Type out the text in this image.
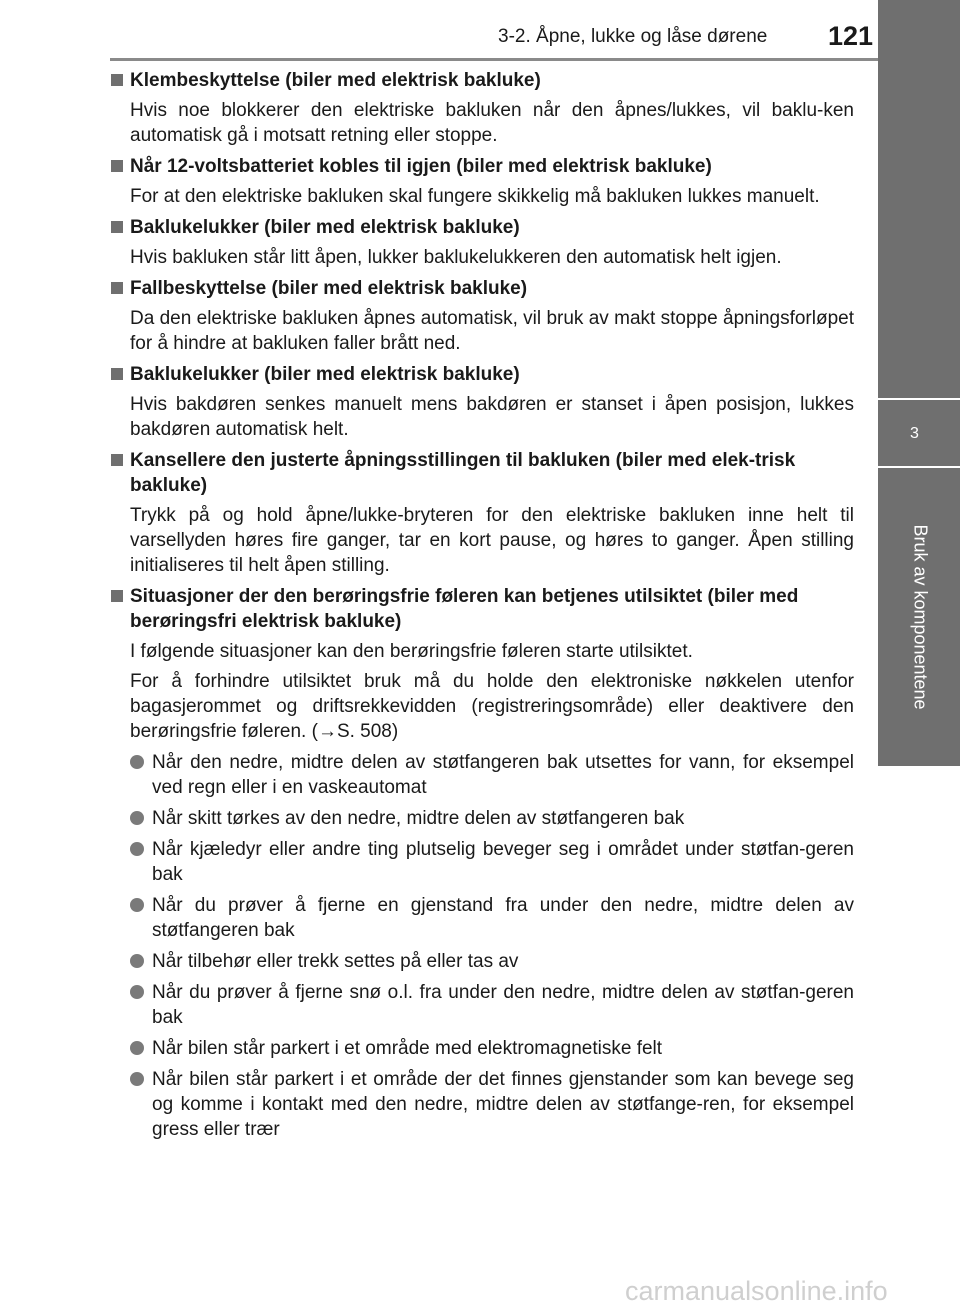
3-2. Åpne, lukke og låse dørene 121
3
Bruk av komponentene
Klembeskyttelse (biler med elektrisk bakluke)
Hvis noe blokkerer den elektriske bakluken når den åpnes/lukkes, vil baklu-ken automatisk gå i motsatt retning eller stoppe.
Når 12-voltsbatteriet kobles til igjen (biler med elektrisk bakluke)
For at den elektriske bakluken skal fungere skikkelig må bakluken lukkes manuelt.
Baklukelukker (biler med elektrisk bakluke)
Hvis bakluken står litt åpen, lukker baklukelukkeren den automatisk helt igjen.
Fallbeskyttelse (biler med elektrisk bakluke)
Da den elektriske bakluken åpnes automatisk, vil bruk av makt stoppe åpningsforløpet for å hindre at bakluken faller brått ned.
Baklukelukker (biler med elektrisk bakluke)
Hvis bakdøren senkes manuelt mens bakdøren er stanset i åpen posisjon, lukkes bakdøren automatisk helt.
Kansellere den justerte åpningsstillingen til bakluken (biler med elek-trisk bakluke)
Trykk på og hold åpne/lukke-bryteren for den elektriske bakluken inne helt til varsellyden høres fire ganger, tar en kort pause, og høres to ganger. Åpen stilling initialiseres til helt åpen stilling.
Situasjoner der den berøringsfrie føleren kan betjenes utilsiktet (biler med berøringsfri elektrisk bakluke)
I følgende situasjoner kan den berøringsfrie føleren starte utilsiktet.
For å forhindre utilsiktet bruk må du holde den elektroniske nøkkelen utenfor bagasjerommet og driftsrekkevidden (registreringsområde) eller deaktivere den berøringsfrie føleren. (→S. 508)
Når den nedre, midtre delen av støtfangeren bak utsettes for vann, for eksempel ved regn eller i en vaskeautomat
Når skitt tørkes av den nedre, midtre delen av støtfangeren bak
Når kjæledyr eller andre ting plutselig beveger seg i området under støtfan-geren bak
Når du prøver å fjerne en gjenstand fra under den nedre, midtre delen av støtfangeren bak
Når tilbehør eller trekk settes på eller tas av
Når du prøver å fjerne snø o.l. fra under den nedre, midtre delen av støtfan-geren bak
Når bilen står parkert i et område med elektromagnetiske felt
Når bilen står parkert i et område der det finnes gjenstander som kan bevege seg og komme i kontakt med den nedre, midtre delen av støtfange-ren, for eksempel gress eller trær
carmanualsonline.info
